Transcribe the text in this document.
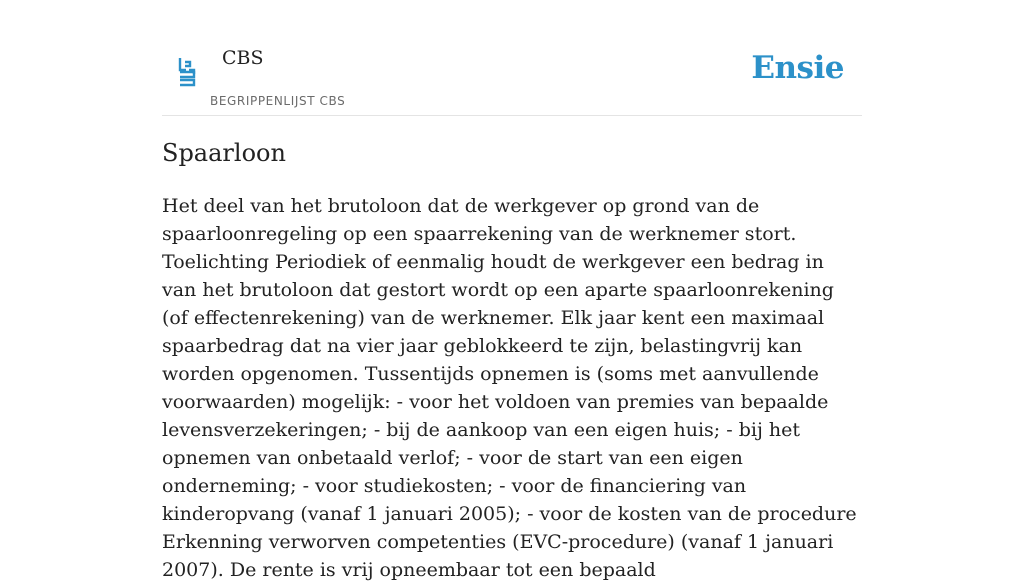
CBS
BEGRIPPENLIJST CBS
Ensie
Spaarloon

Het deel van het brutoloon dat de werkgever op grond van de spaarloonregeling op een spaarrekening van de werknemer stort. Toelichting Periodiek of eenmalig houdt de werkgever een bedrag in van het brutoloon dat gestort wordt op een aparte spaarloonrekening (of effectenrekening) van de werknemer. Elk jaar kent een maximaal spaarbedrag dat na vier jaar geblokkeerd te zijn, belastingvrij kan worden opgenomen. Tussentijds opnemen is (soms met aanvullende voorwaarden) mogelijk: - voor het voldoen van premies van bepaalde levensverzekeringen; - bij de aankoop van een eigen huis; - bij het opnemen van onbetaald verlof; - voor de start van een eigen onderneming; - voor studiekosten; - voor de financiering van kinderopvang (vanaf 1 januari 2005); - voor de kosten van de procedure Erkenning verworven competenties (EVC-procedure) (vanaf 1 januari 2007). De rente is vrij opneembaar tot een bepaald
